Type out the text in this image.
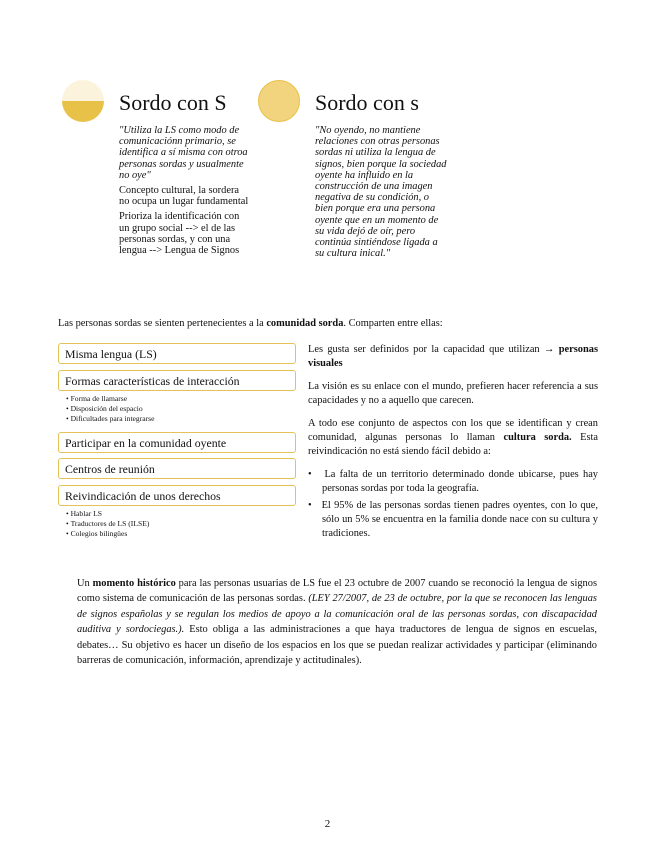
Sordo con S

"Utiliza la LS como modo de comunicaciónn primario, se identifica a sí misma con otroa personas sordas y usualmente no oye"

Concepto cultural, la sordera no ocupa un lugar fundamental

Prioriza la identificación con un grupo social --> el de las personas sordas, y con una lengua --> Lengua de Signos

Sordo con s

"No oyendo, no mantiene relaciones con otras personas sordas ni utiliza la lengua de signos, bien porque la sociedad oyente ha influido en la construcción de una imagen negativa de su condición, o bien porque era una persona oyente que en un momento de su vida dejó de oír, pero continúa sintiéndose ligada a su cultura inical."

Las personas sordas se sienten pertenecientes a la comunidad sorda. Comparten entre ellas:
Misma lengua (LS)
Formas características de interacción
• Forma de llamarse
• Disposición del espacio
• Dificultades para integrarse
Participar en la comunidad oyente
Centros de reunión
Reivindicación de unos derechos
• Hablar LS
• Traductores de LS (ILSE)
• Colegios bilingües

Les gusta ser definidos por la capacidad que utilizan → personas visuales

La visión es su enlace con el mundo, prefieren hacer referencia a sus capacidades y no a aquello que carecen.

A todo ese conjunto de aspectos con los que se identifican y crean comunidad, algunas personas lo llaman cultura sorda. Esta reivindicación no está siendo fácil debido a:

•   La falta de un territorio determinado donde ubicarse, pues hay personas sordas por toda la geografía.

•   El 95% de las personas sordas tienen padres oyentes, con lo que, sólo un 5% se encuentra en la familia donde nace con su cultura y tradiciones.

Un momento histórico para las personas usuarias de LS fue el 23 octubre de 2007 cuando se reconoció la lengua de signos como sistema de comunicación de las personas sordas. (LEY 27/2007, de 23 de octubre, por la que se reconocen las lenguas de signos españolas y se regulan los medios de apoyo a la comunicación oral de las personas sordas, con discapacidad auditiva y sordociegas.). Esto obliga a las administraciones a que haya traductores de lengua de signos en escuelas, debates… Su objetivo es hacer un diseño de los espacios en los que se puedan realizar actividades y participar (eliminando barreras de comunicación, información, aprendizaje y actitudinales).
2
